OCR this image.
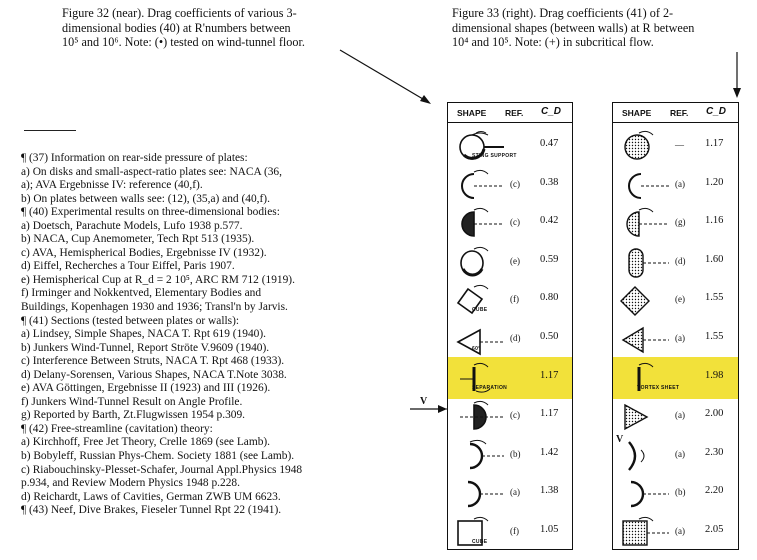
Figure 32 (near). Drag coefficients of various 3-
dimensional bodies (40) at R'numbers between
10⁵ and 10⁶. Note: (•) tested on wind-tunnel floor.
Figure 33 (right). Drag coefficients (41) of 2-
dimensional shapes (between walls) at R between
10⁴ and 10⁵. Note: (+) in subcritical flow.
¶ (37) Information on rear-side pressure of plates:
a) On disks and small-aspect-ratio plates see: NACA (36,
a); AVA Ergebnisse IV: reference (40,f).
b) On plates between walls see: (12), (35,a) and (40,f).
¶ (40) Experimental results on three-dimensional bodies:
a) Doetsch, Parachute Models, Lufo 1938 p.577.
b) NACA, Cup Anemometer, Tech Rpt 513 (1935).
c) AVA, Hemispherical Bodies, Ergebnisse IV (1932).
d) Eiffel, Recherches a Tour Eiffel, Paris 1907.
e) Hemispherical Cup at R_d = 2 10⁵, ARC RM 712 (1919).
f) Irminger and Nokkentved, Elementary Bodies and
Buildings, Kopenhagen 1930 and 1936; Transl'n by Jarvis.
¶ (41) Sections (tested between plates or walls):
a) Lindsey, Simple Shapes, NACA T. Rpt 619 (1940).
b) Junkers Wind-Tunnel, Report Ströte V.9609 (1940).
c) Interference Between Struts, NACA T. Rpt 468 (1933).
d) Delany-Sorensen, Various Shapes, NACA T.Note 3038.
e) AVA Göttingen, Ergebnisse II (1923) and III (1926).
f) Junkers Wind-Tunnel Result on Angle Profile.
g) Reported by Barth, Zt.Flugwissen 1954 p.309.
¶ (42) Free-streamline (cavitation) theory:
a) Kirchhoff, Free Jet Theory, Crelle 1869 (see Lamb).
b) Bobyleff, Russian Phys-Chem. Society 1881 (see Lamb).
c) Riabouchinsky-Plesset-Schafer, Journal Appl.Physics 1948
p.934, and Review Modern Physics 1948 p.228.
d) Reichardt, Laws of Cavities, German ZWB UM 6623.
¶ (43) Neef, Dive Brakes, Fieseler Tunnel Rpt 22 (1941).
SHAPE REF. C_D
0.47
STING SUPPORT
(c) 0.38
(c) 0.42
(e) 0.59
(f) 0.80
CUBE
(d) 0.50
60°
1.17
SEPARATION
(c) 1.17
(b) 1.42
(a) 1.38
(f) 1.05
CUBE
SHAPE REF. C_D
— 1.17
(a) 1.20
(g) 1.16
(d) 1.60
(e) 1.55
(a) 1.55
1.98
VORTEX SHEET
(a) 2.00
(a) 2.30
(b) 2.20
(a) 2.05
V
V
